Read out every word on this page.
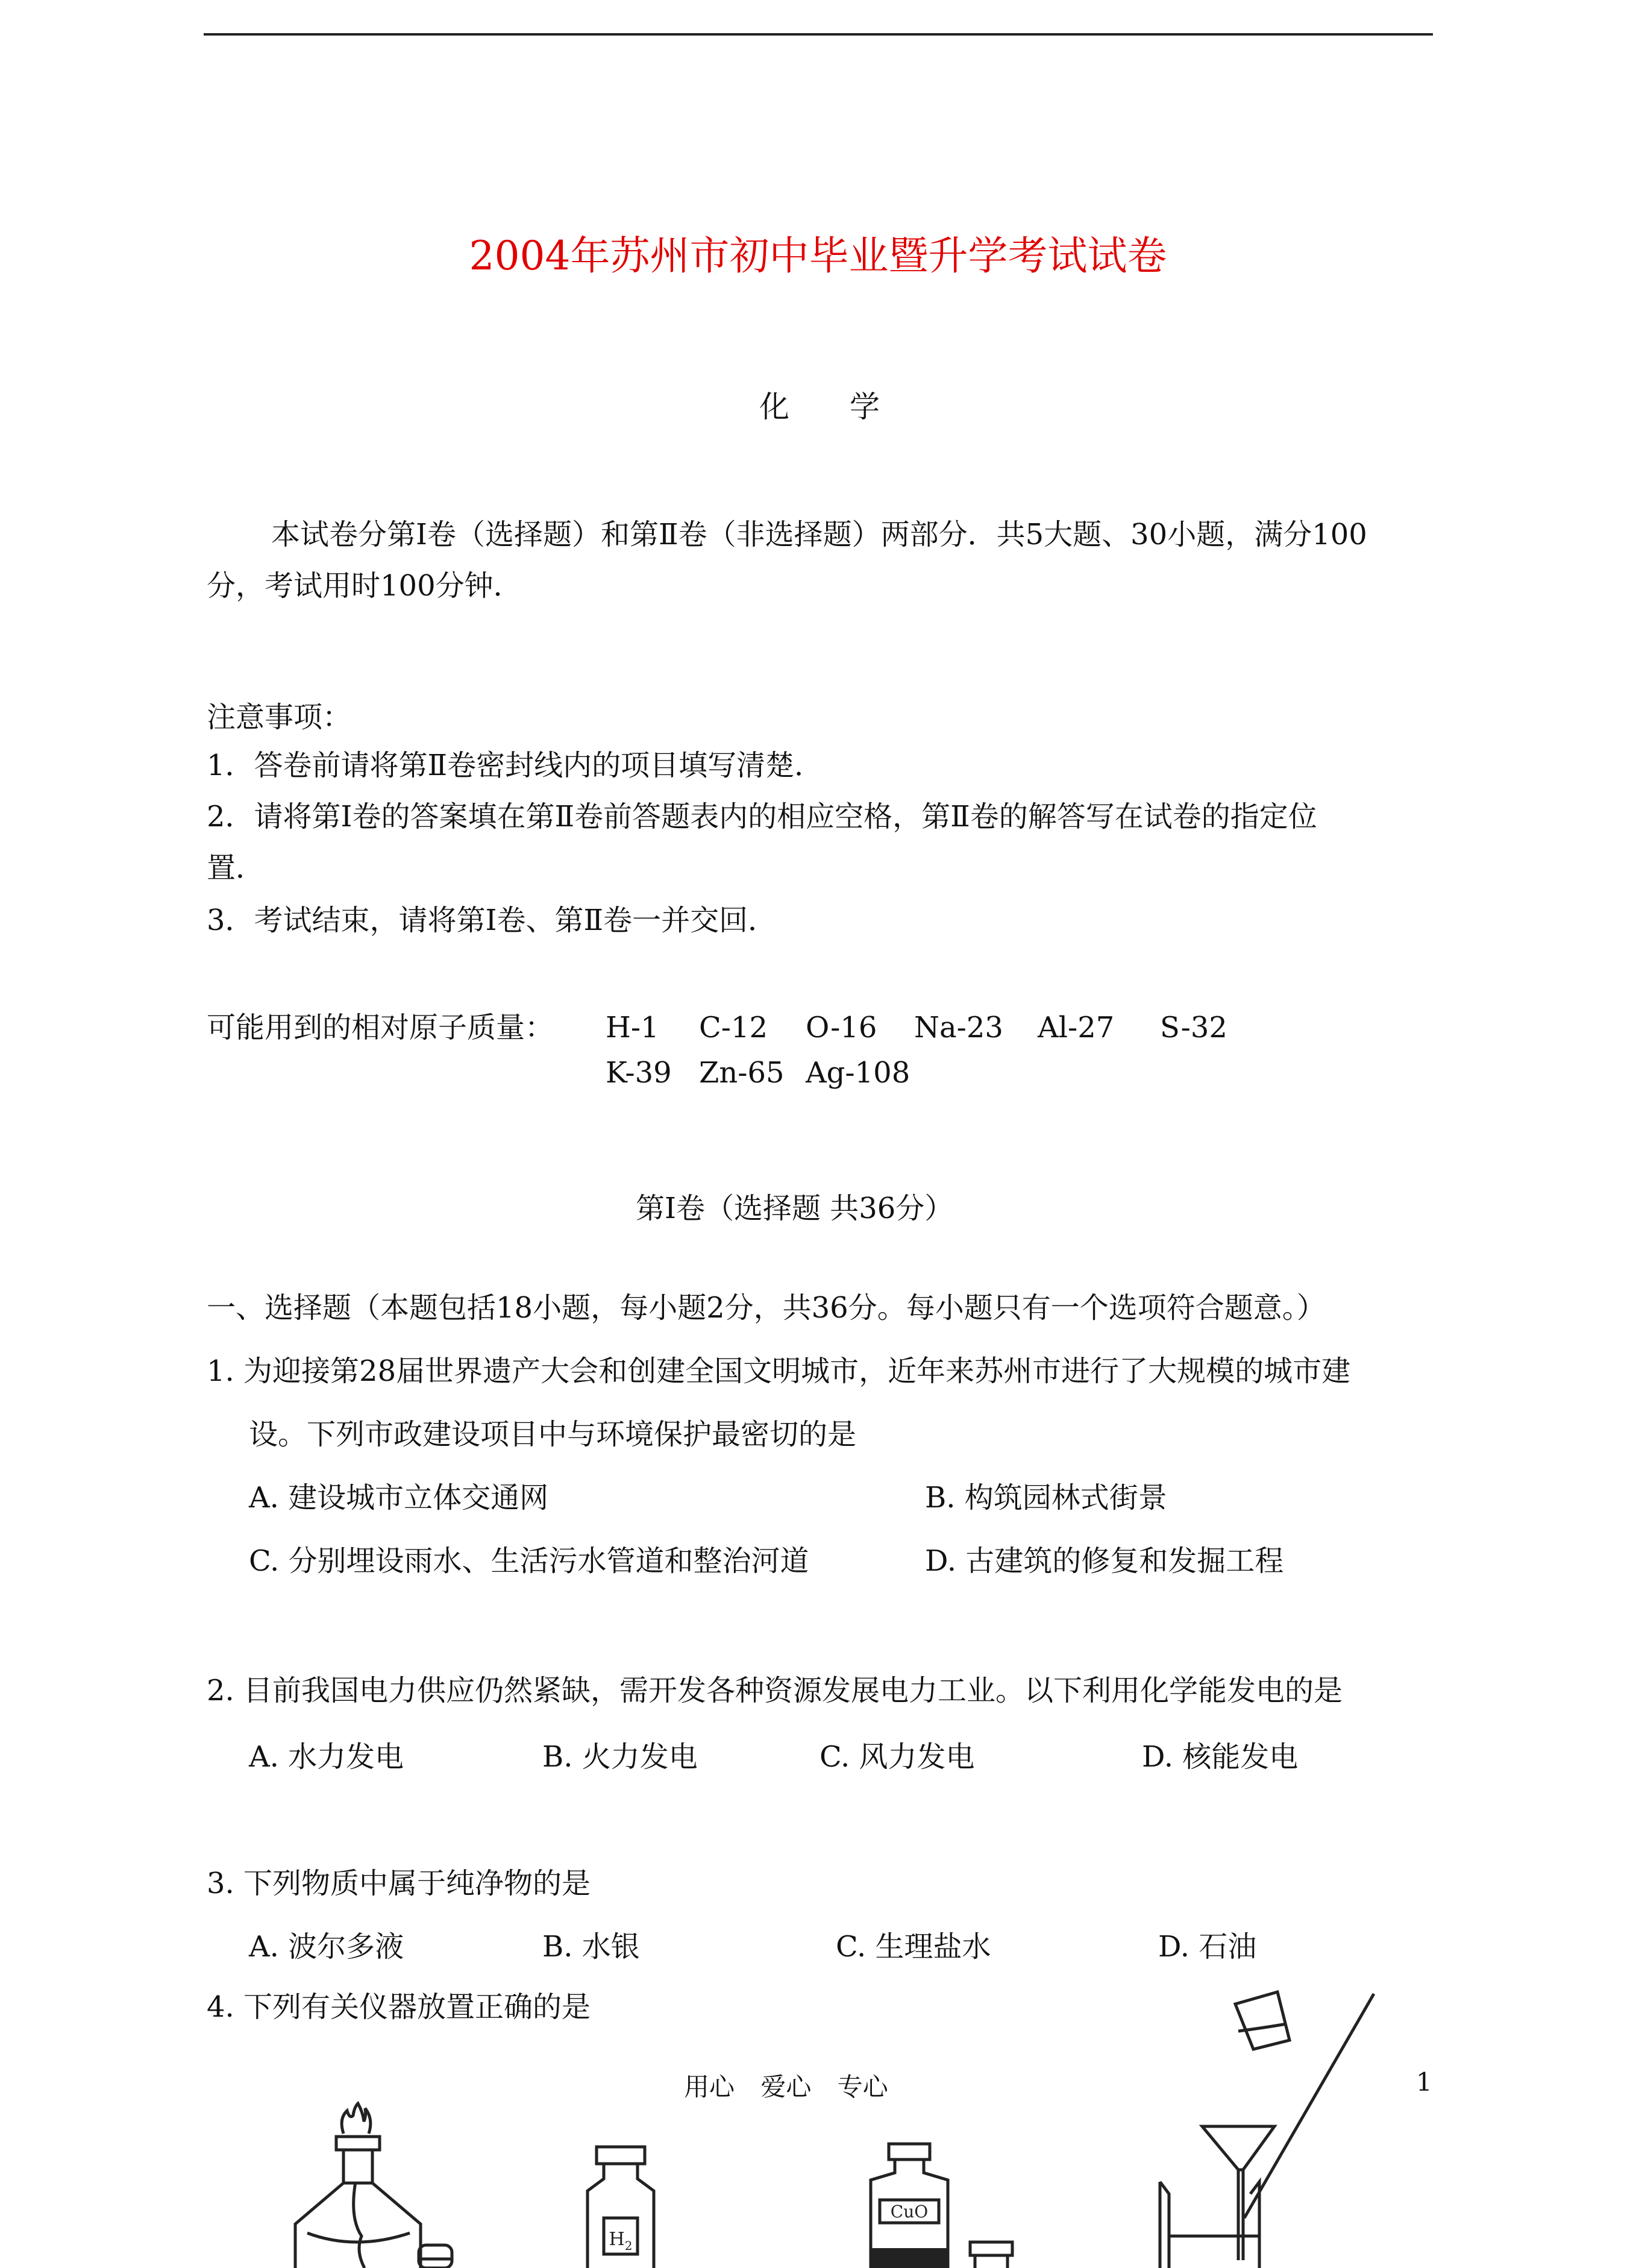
2004年苏州市初中毕业暨升学考试试卷
化学
本试卷分第Ⅰ卷（选择题）和第Ⅱ卷（非选择题）两部分．共5大题、30小题，满分100
分，考试用时100分钟．
注意事项：
1．答卷前请将第Ⅱ卷密封线内的项目填写清楚．
2．请将第Ⅰ卷的答案填在第Ⅱ卷前答题表内的相应空格，第Ⅱ卷的解答写在试卷的指定位
置．
3．考试结束，请将第Ⅰ卷、第Ⅱ卷一并交回．
可能用到的相对原子质量： H-1 C-12 O-16 Na-23 Al-27 S-32
K-39 Zn-65 Ag-108
第Ⅰ卷（选择题 共36分）
一、选择题（本题包括18小题，每小题2分，共36分。每小题只有一个选项符合题意。）
1. 为迎接第28届世界遗产大会和创建全国文明城市，近年来苏州市进行了大规模的城市建
设。下列市政建设项目中与环境保护最密切的是
A. 建设城市立体交通网	B. 构筑园林式街景
C. 分别埋设雨水、生活污水管道和整治河道	D. 古建筑的修复和发掘工程
2. 目前我国电力供应仍然紧缺，需开发各种资源发展电力工业。以下利用化学能发电的是
A. 水力发电	B. 火力发电	C. 风力发电	D. 核能发电
3. 下列物质中属于纯净物的是
A. 波尔多液	B. 水银	C. 生理盐水	D. 石油
4. 下列有关仪器放置正确的是
$H_2$
CuO
用心 爱心 专心	1
